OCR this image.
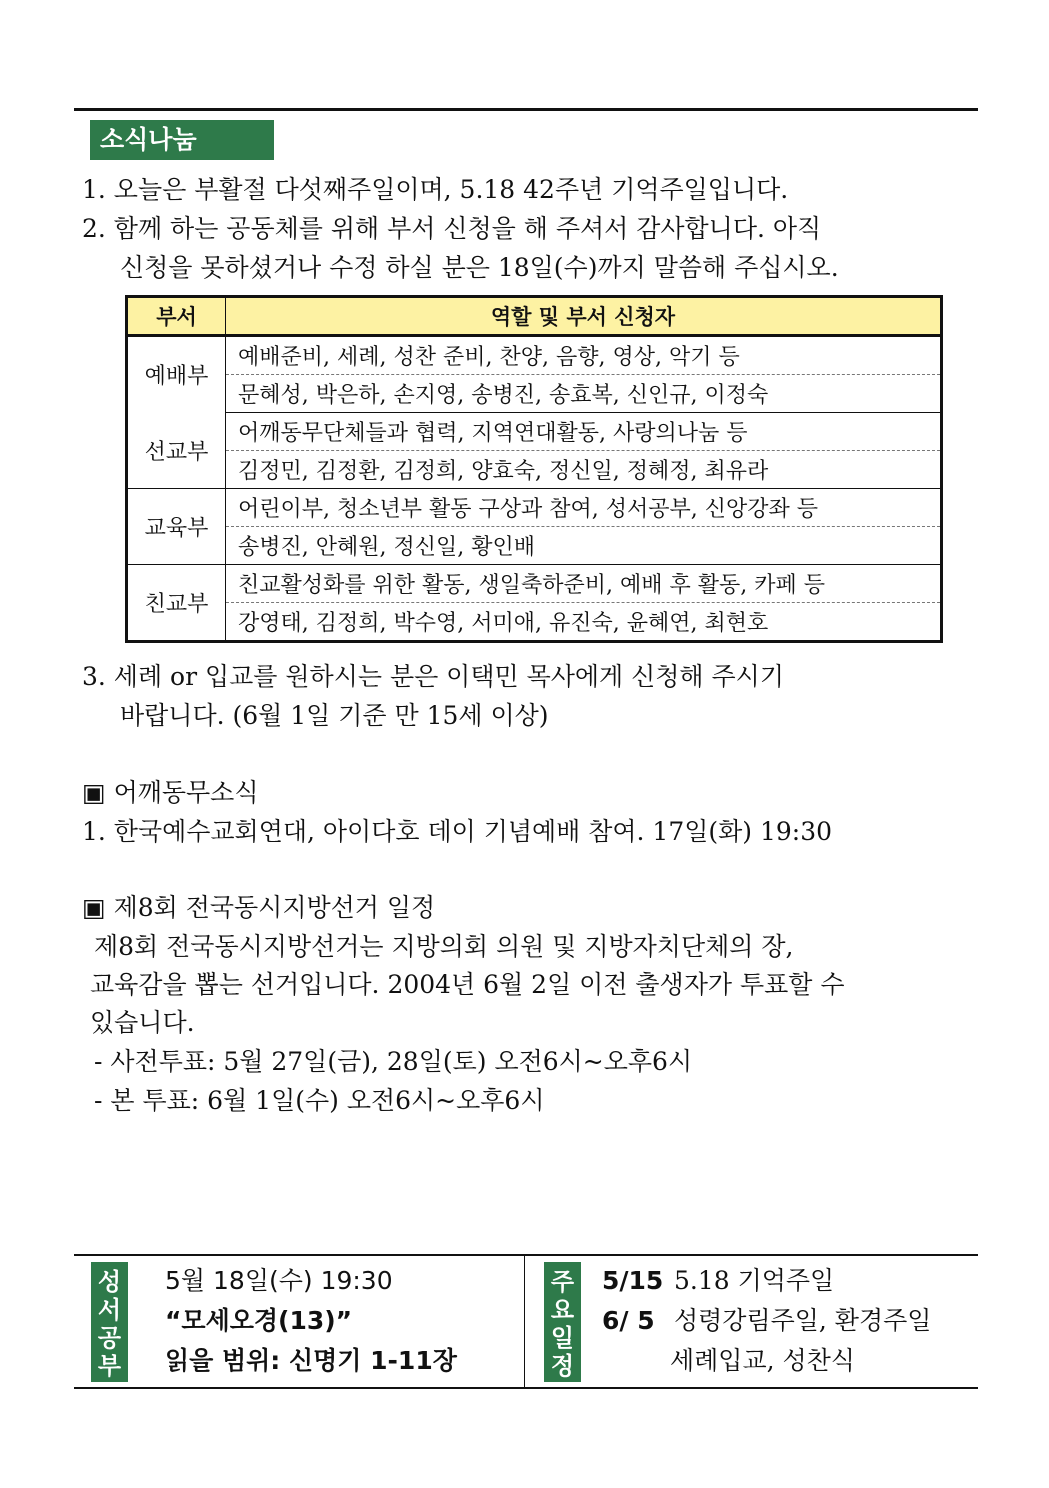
소식나눔
1. 오늘은 부활절 다섯째주일이며, 5.18 42주년 기억주일입니다.
2. 함께 하는 공동체를 위해 부서 신청을 해 주셔서 감사합니다. 아직
신청을 못하셨거나 수정 하실 분은 18일(수)까지 말씀해 주십시오.
부서	역할 및 부서 신청자
예배부	예배준비, 세례, 성찬 준비, 찬양, 음향, 영상, 악기 등
	문혜성, 박은하, 손지영, 송병진, 송효복, 신인규, 이정숙
선교부	어깨동무단체들과 협력, 지역연대활동, 사랑의나눔 등
	김정민, 김정환, 김정희, 양효숙, 정신일, 정혜정, 최유라
교육부	어린이부, 청소년부 활동 구상과 참여, 성서공부, 신앙강좌 등
	송병진, 안혜원, 정신일, 황인배
친교부	친교활성화를 위한 활동, 생일축하준비, 예배 후 활동, 카페 등
	강영태, 김정희, 박수영, 서미애, 유진숙, 윤혜연, 최현호
3. 세례 or 입교를 원하시는 분은 이택민 목사에게 신청해 주시기
바랍니다. (6월 1일 기준 만 15세 이상)
▣ 어깨동무소식
1. 한국예수교회연대, 아이다호 데이 기념예배 참여. 17일(화) 19:30
▣ 제8회 전국동시지방선거 일정
제8회 전국동시지방선거는 지방의회 의원 및 지방자치단체의 장,
교육감을 뽑는 선거입니다. 2004년 6월 2일 이전 출생자가 투표할 수
있습니다.
- 사전투표: 5월 27일(금), 28일(토) 오전6시~오후6시
- 본 투표: 6월 1일(수) 오전6시~오후6시
성
서
공
부
5월 18일(수) 19:30
“모세오경(13)”
읽을 범위: 신명기 1-11장
주
요
일
정
5/15 5.18 기억주일
6/ 5 성령강림주일, 환경주일
세례입교, 성찬식
